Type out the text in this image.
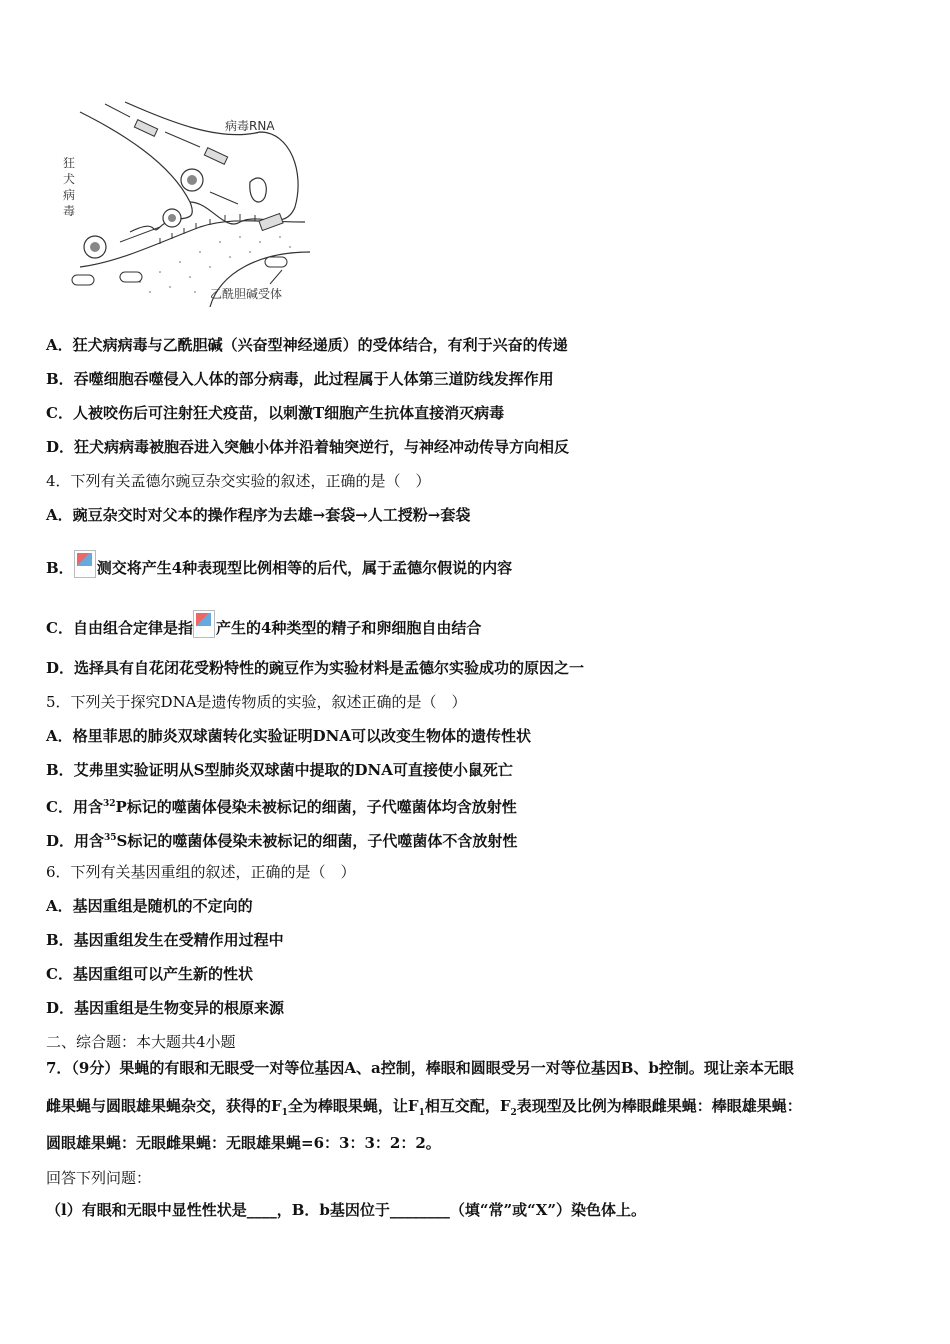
病毒RNA
狂
犬
病
毒
乙酰胆碱受体
A．狂犬病病毒与乙酰胆碱（兴奋型神经递质）的受体结合，有利于兴奋的传递
B．吞噬细胞吞噬侵入人体的部分病毒，此过程属于人体第三道防线发挥作用
C．人被咬伤后可注射狂犬疫苗，以刺激T细胞产生抗体直接消灭病毒
D．狂犬病病毒被胞吞进入突触小体并沿着轴突逆行，与神经冲动传导方向相反
4．下列有关孟德尔豌豆杂交实验的叙述，正确的是（　）
A．豌豆杂交时对父本的操作程序为去雄→套袋→人工授粉→套袋
B． 测交将产生4种表现型比例相等的后代，属于孟德尔假说的内容
C．自由组合定律是指 产生的4种类型的精子和卵细胞自由结合
D．选择具有自花闭花受粉特性的豌豆作为实验材料是孟德尔实验成功的原因之一
5．下列关于探究DNA是遗传物质的实验，叙述正确的是（　）
A．格里菲思的肺炎双球菌转化实验证明DNA可以改变生物体的遗传性状
B．艾弗里实验证明从S型肺炎双球菌中提取的DNA可直接使小鼠死亡
C．用含$^{32}$P标记的噬菌体侵染未被标记的细菌，子代噬菌体均含放射性
D．用含$^{35}$S标记的噬菌体侵染未被标记的细菌，子代噬菌体不含放射性
6．下列有关基因重组的叙述，正确的是（　）
A．基因重组是随机的不定向的
B．基因重组发生在受精作用过程中
C．基因重组可以产生新的性状
D．基因重组是生物变异的根原来源
二、综合题：本大题共4小题
7．（9分）果蝇的有眼和无眼受一对等位基因A、a控制，棒眼和圆眼受另一对等位基因B、b控制。现让亲本无眼
雌果蝇与圆眼雄果蝇杂交，获得的$F_1$全为棒眼果蝇，让$F_1$相互交配，$F_2$表现型及比例为棒眼雌果蝇：棒眼雄果蝇：
圆眼雄果蝇：无眼雌果蝇：无眼雄果蝇=6：3：3：2：2。
回答下列问题：
（l）有眼和无眼中显性性状是____，B．b基因位于________（填“常”或“X”）染色体上。
